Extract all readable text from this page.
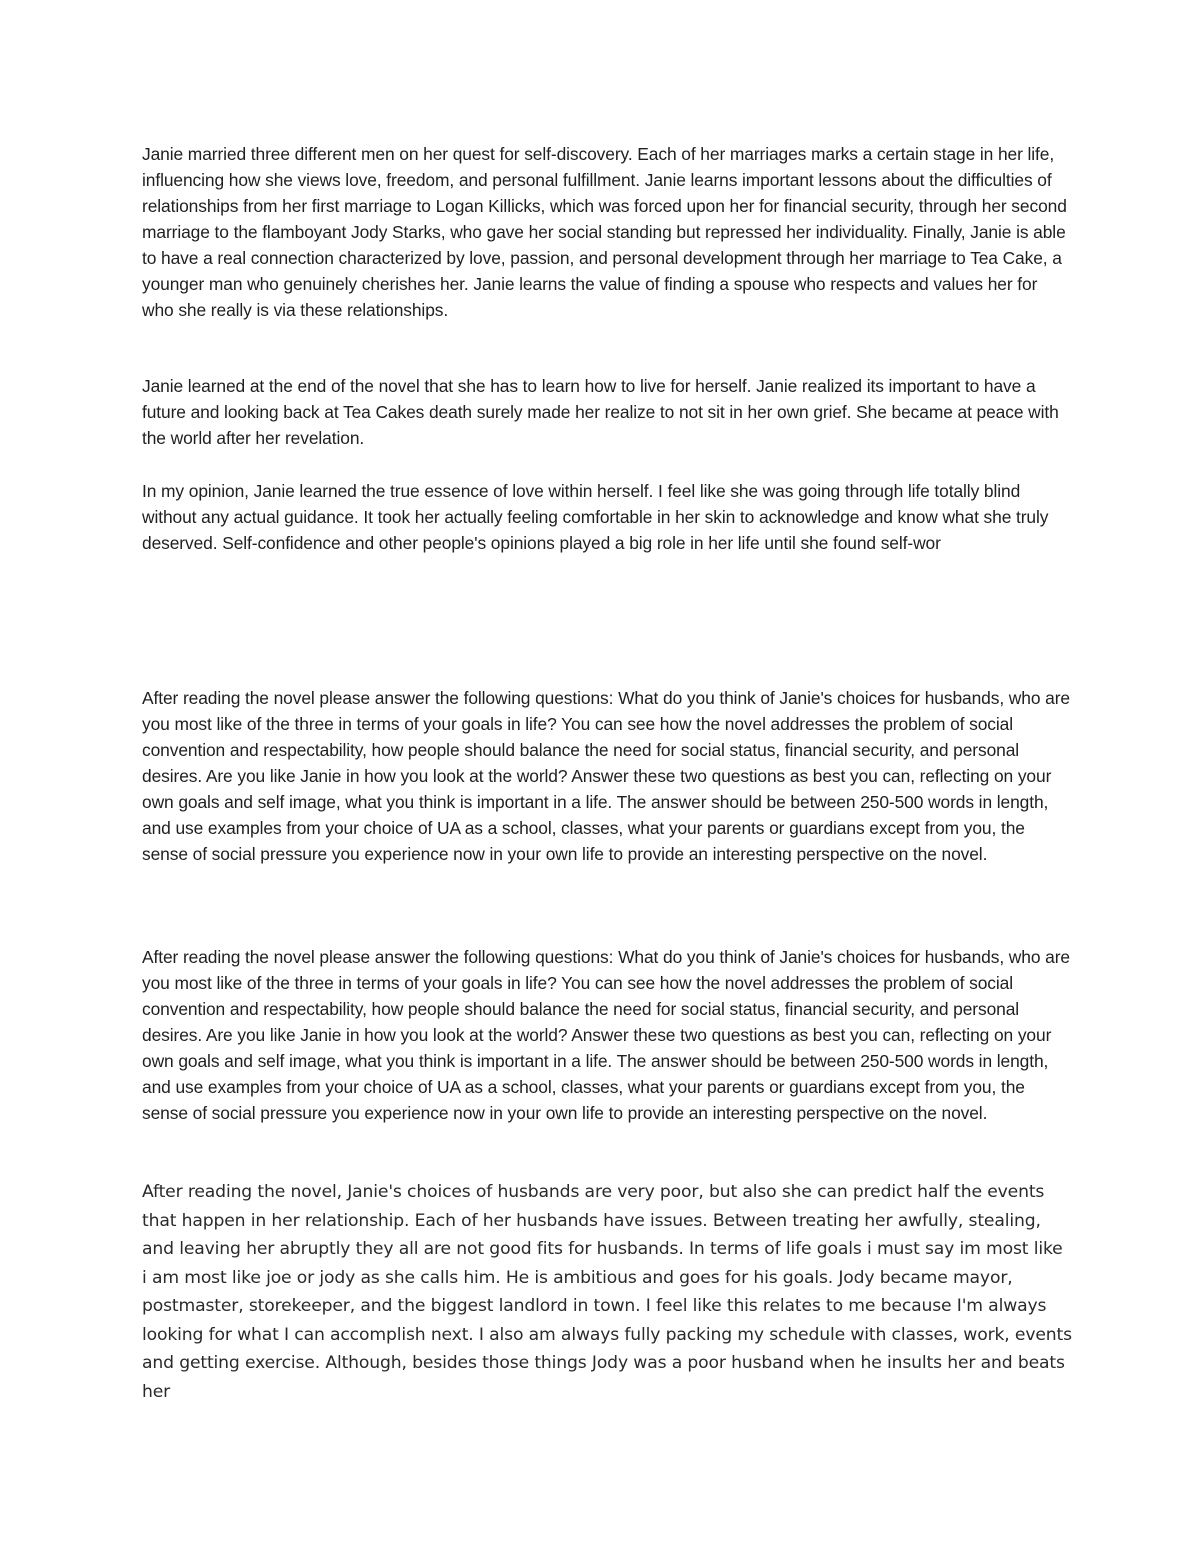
Janie married three different men on her quest for self-discovery. Each of her marriages marks a certain stage in her life, influencing how she views love, freedom, and personal fulfillment. Janie learns important lessons about the difficulties of relationships from her first marriage to Logan Killicks, which was forced upon her for financial security, through her second marriage to the flamboyant Jody Starks, who gave her social standing but repressed her individuality. Finally, Janie is able to have a real connection characterized by love, passion, and personal development through her marriage to Tea Cake, a younger man who genuinely cherishes her. Janie learns the value of finding a spouse who respects and values her for who she really is via these relationships.

Janie learned at the end of the novel that she has to learn how to live for herself. Janie realized its important to have a future and looking back at Tea Cakes death surely made her realize to not sit in her own grief. She became at peace with the world after her revelation.

In my opinion, Janie learned the true essence of love within herself. I feel like she was going through life totally blind without any actual guidance. It took her actually feeling comfortable in her skin to acknowledge and know what she truly deserved. Self-confidence and other people's opinions played a big role in her life until she found self-wor

After reading the novel please answer the following questions: What do you think of Janie's choices for husbands, who are you most like of the three in terms of your goals in life? You can see how the novel addresses the problem of social convention and respectability, how people should balance the need for social status, financial security, and personal desires. Are you like Janie in how you look at the world? Answer these two questions as best you can, reflecting on your own goals and self image, what you think is important in a life. The answer should be between 250-500 words in length, and use examples from your choice of UA as a school, classes, what your parents or guardians except from you, the sense of social pressure you experience now in your own life to provide an interesting perspective on the novel.

After reading the novel please answer the following questions: What do you think of Janie's choices for husbands, who are you most like of the three in terms of your goals in life? You can see how the novel addresses the problem of social convention and respectability, how people should balance the need for social status, financial security, and personal desires. Are you like Janie in how you look at the world? Answer these two questions as best you can, reflecting on your own goals and self image, what you think is important in a life. The answer should be between 250-500 words in length, and use examples from your choice of UA as a school, classes, what your parents or guardians except from you, the sense of social pressure you experience now in your own life to provide an interesting perspective on the novel.

After reading the novel, Janie's choices of husbands are very poor, but also she can predict half the events that happen in her relationship. Each of her husbands have issues. Between treating her awfully, stealing, and leaving her abruptly they all are not good fits for husbands. In terms of life goals i must say im most like i am most like joe or jody as she calls him. He is ambitious and goes for his goals. Jody became mayor, postmaster, storekeeper, and the biggest landlord in town. I feel like this relates to me because I'm always looking for what I can accomplish next. I also am always fully packing my schedule with classes, work, events and getting exercise. Although, besides those things Jody was a poor husband when he insults her and beats her
